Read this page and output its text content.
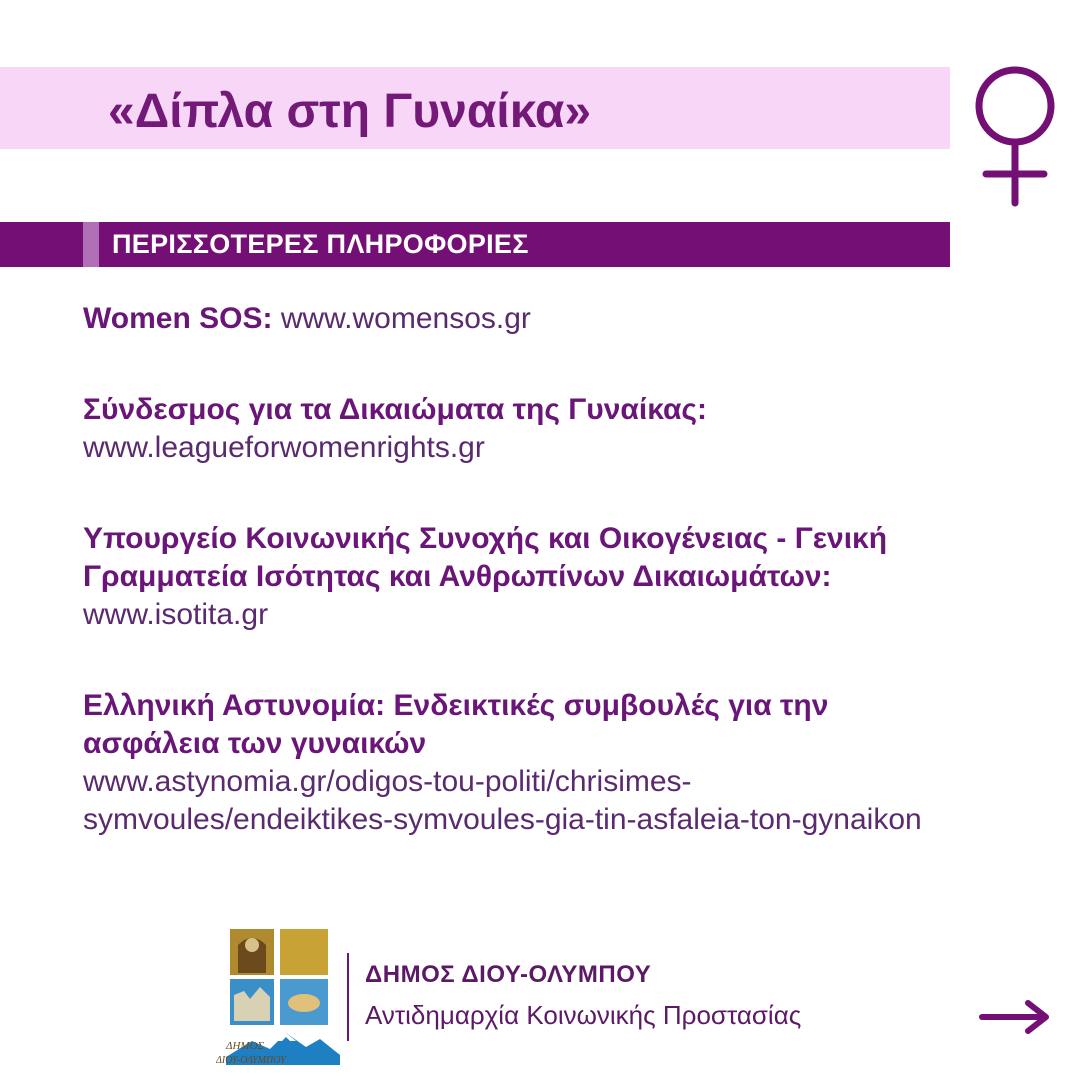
«Δίπλα στη Γυναίκα»
ΠΕΡΙΣΣΟΤΕΡΕΣ ΠΛΗΡΟΦΟΡΙΕΣ

Women SOS: www.womensos.gr

Σύνδεσμος για τα Δικαιώματα της Γυναίκας:
www.leagueforwomenrights.gr

Υπουργείο Κοινωνικής Συνοχής και Οικογένειας - Γενική Γραμματεία Ισότητας και Ανθρωπίνων Δικαιωμάτων: www.isotita.gr

Ελληνική Αστυνομία: Ενδεικτικές συμβουλές για την ασφάλεια των γυναικών
www.astynomia.gr/odigos-tou-politi/chrisimes-symvoules/endeiktikes-symvoules-gia-tin-asfaleia-ton-gynaikon

ΔΗΜΟΣ
ΔΙΟΥ-ΟΛΥΜΠΟΥ

ΔΗΜΟΣ ΔΙΟΥ-ΟΛΥΜΠΟΥ

Αντιδημαρχία Κοινωνικής Προστασίας
